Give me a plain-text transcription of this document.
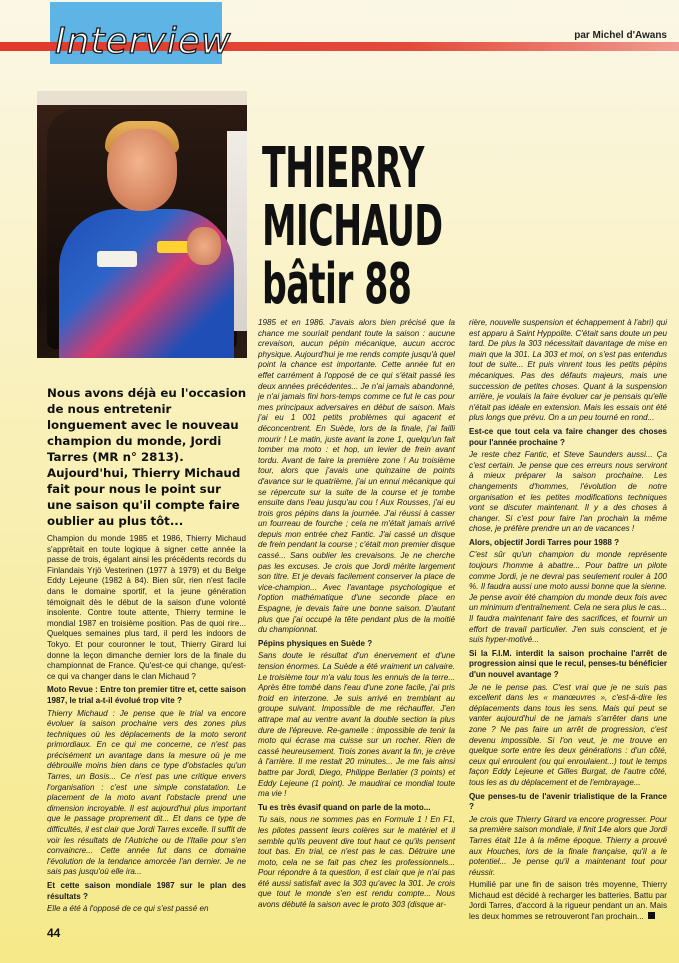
Interview	par Michel d'Awans
THIERRY MICHAUD
bâtir 88
Nous avons déjà eu l'occasion de nous entretenir longuement avec le nouveau champion du monde, Jordi Tarres (MR n° 2813). Aujourd'hui, Thierry Michaud fait pour nous le point sur une saison qu'il compte faire oublier au plus tôt...

Champion du monde 1985 et 1986, Thierry Michaud s'apprêtait en toute logique à signer cette année la passe de trois, égalant ainsi les précédents records du Finlandais Yrjö Vesterinen (1977 à 1979) et du Belge Eddy Lejeune (1982 à 84). Bien sûr, rien n'est facile dans le domaine sportif, et la jeune génération témoignait dès le début de la saison d'une volonté insolente. Contre toute attente, Thierry termine le mondial 1987 en troisième position. Pas de quoi rire... Quelques semaines plus tard, il perd les indoors de Tokyo. Et pour couronner le tout, Thierry Girard lui donne la leçon dimanche dernier lors de la finale du championnat de France. Qu'est-ce qui change, qu'est-ce qui va changer dans le clan Michaud ?

Moto Revue : Entre ton premier titre et, cette saison 1987, le trial a-t-il évolué trop vite ?

Thierry Michaud : Je pense que le trial va encore évoluer la saison prochaine vers des zones plus techniques où les déplacements de la moto seront primordiaux. En ce qui me concerne, ce n'est pas précisément un avantage dans la mesure où je me débrouille moins bien dans ce type d'obstacles qu'un Tarres, un Bosis... Ce n'est pas une critique envers l'organisation : c'est une simple constatation. Le placement de la moto avant l'obstacle prend une dimension incroyable. Il est aujourd'hui plus important que le passage proprement dit... Et dans ce type de difficultés, il est clair que Jordi Tarres excelle. Il suffit de voir les résultats de l'Autriche ou de l'Italie pour s'en convaincre... Cette année fut dans ce domaine l'évolution de la tendance amorcée l'an dernier. Je ne sais pas jusqu'où elle ira...

Et cette saison mondiale 1987 sur le plan des résultats ?

Elle a été à l'opposé de ce qui s'est passé en

1985 et en 1986. J'avais alors bien précisé que la chance me souriait pendant toute la saison : aucune crevaison, aucun pépin mécanique, aucun accroc physique. Aujourd'hui je me rends compte jusqu'à quel point la chance est importante. Cette année fut en effet carrément à l'opposé de ce qui s'était passé les deux années précédentes... Je n'ai jamais abandonné, je n'ai jamais fini hors-temps comme ce fut le cas pour mes principaux adversaires en début de saison. Mais j'ai eu 1 001 petits problèmes qui agacent et déconcentrent. En Suède, lors de la finale, j'ai failli mourir ! Le matin, juste avant la zone 1, quelqu'un fait tomber ma moto : et hop, un levier de frein avant tordu. Avant de faire la première zone ! Au troisième tour, alors que j'avais une quinzaine de points d'avance sur le quatrième, j'ai un ennui mécanique qui se répercute sur la suite de la course et je tombe ensuite dans l'eau jusqu'au cou ! Aux Rousses, j'ai eu trois gros pépins dans la journée. J'ai réussi à casser un fourreau de fourche ; cela ne m'était jamais arrivé depuis mon entrée chez Fantic. J'ai cassé un disque de frein pendant la course ; c'était mon premier disque cassé... Sans oublier les crevaisons. Je ne cherche pas les excuses. Je crois que Jordi mérite largement son titre. Et je devais facilement conserver la place de vice-champion... Avec l'avantage psychologique et l'option mathématique d'une seconde place en Espagne, je devais faire une bonne saison. D'autant plus que j'ai occupé la tête pendant plus de la moitié du championnat.

Pépins physiques en Suède ?

Sans doute le résultat d'un énervement et d'une tension énormes. La Suède a été vraiment un calvaire. Le troisième tour m'a valu tous les ennuis de la terre... Après être tombé dans l'eau d'une zone facile, j'ai pris froid en interzone. Je suis arrivé en tremblant au groupe suivant. Impossible de me réchauffer. J'en attrape mal au ventre avant la double section la plus dure de l'épreuve. Re-gamelle : impossible de tenir la moto qui écrase ma cuisse sur un rocher. Rien de cassé heureusement. Trois zones avant la fin, je crève à l'arrière. Il me restait 20 minutes... Je me fais ainsi battre par Jordi, Diego, Philippe Berlatier (3 points) et Eddy Lejeune (1 point). Je maudirai ce mondial toute ma vie !

Tu es très évasif quand on parle de la moto...

Tu sais, nous ne sommes pas en Formule 1 ! En F1, les pilotes passent leurs colères sur le matériel et il semble qu'ils peuvent dire tout haut ce qu'ils pensent tout bas. En trial, ce n'est pas le cas. Détruire une moto, cela ne se fait pas chez les professionnels... Pour répondre à ta question, il est clair que je n'ai pas été aussi satisfait avec la 303 qu'avec la 301. Je crois que tout le monde s'en est rendu compte... Nous avons débuté la saison avec le proto 303 (disque ar-

rière, nouvelle suspension et échappement à l'abri) qui est apparu à Saint Hyppolite. C'était sans doute un peu tard. De plus la 303 nécessitait davantage de mise en main que la 301. La 303 et moi, on s'est pas entendus tout de suite... Et puis vinrent tous les petits pépins mécaniques. Pas des défauts majeurs, mais une succession de petites choses. Quant à la suspension arrière, je voulais la faire évoluer car je pensais qu'elle n'était pas idéale en extension. Mais les essais ont été plus longs que prévu. On a un peu tourné en rond...

Est-ce que tout cela va faire changer des choses pour l'année prochaine ?

Je reste chez Fantic, et Steve Saunders aussi... Ça c'est certain. Je pense que ces erreurs nous serviront à mieux préparer la saison prochaine. Les changements d'hommes, l'évolution de notre organisation et les petites modifications techniques vont se discuter maintenant. Il y a des choses à changer. Si c'est pour faire l'an prochain la même chose, je préfère prendre un an de vacances !

Alors, objectif Jordi Tarres pour 1988 ?

C'est sûr qu'un champion du monde représente toujours l'homme à abattre... Pour battre un pilote comme Jordi, je ne devrai pas seulement rouler à 100 %. Il faudra aussi une moto aussi bonne que la sienne. Je pense avoir été champion du monde deux fois avec un minimum d'entraînement. Cela ne sera plus le cas... Il faudra maintenant faire des sacrifices, et fournir un effort de travail particulier. J'en suis conscient, et je suis hyper-motivé...

Si la F.I.M. interdit la saison prochaine l'arrêt de progression ainsi que le recul, penses-tu bénéficier d'un nouvel avantage ?

Je ne le pense pas. C'est vrai que je ne suis pas excellent dans les « manœuvres », c'est-à-dire les déplacements dans tous les sens. Mais qui peut se vanter aujourd'hui de ne jamais s'arrêter dans une zone ? Ne pas faire un arrêt de progression, c'est devenu impossible. Si l'on veut, je me trouve en quelque sorte entre les deux générations : d'un côté, ceux qui enroulent (ou qui enroulaient...) tout le temps façon Eddy Lejeune et Gilles Burgat, de l'autre côté, tous les as du déplacement et de l'embrayage...

Que penses-tu de l'avenir trialistique de la France ?

Je crois que Thierry Girard va encore progresser. Pour sa première saison mondiale, il finit 14e alors que Jordi Tarres était 11e à la même époque. Thierry a prouvé aux Houches, lors de la finale française, qu'il a le potentiel... Je pense qu'il a maintenant tout pour réussir.

Humilié par une fin de saison très moyenne, Thierry Michaud est décidé à recharger les batteries. Battu par Jordi Tarres, d'accord à la rigueur pendant un an. Mais les deux hommes se retrouveront l'an prochain...

44
